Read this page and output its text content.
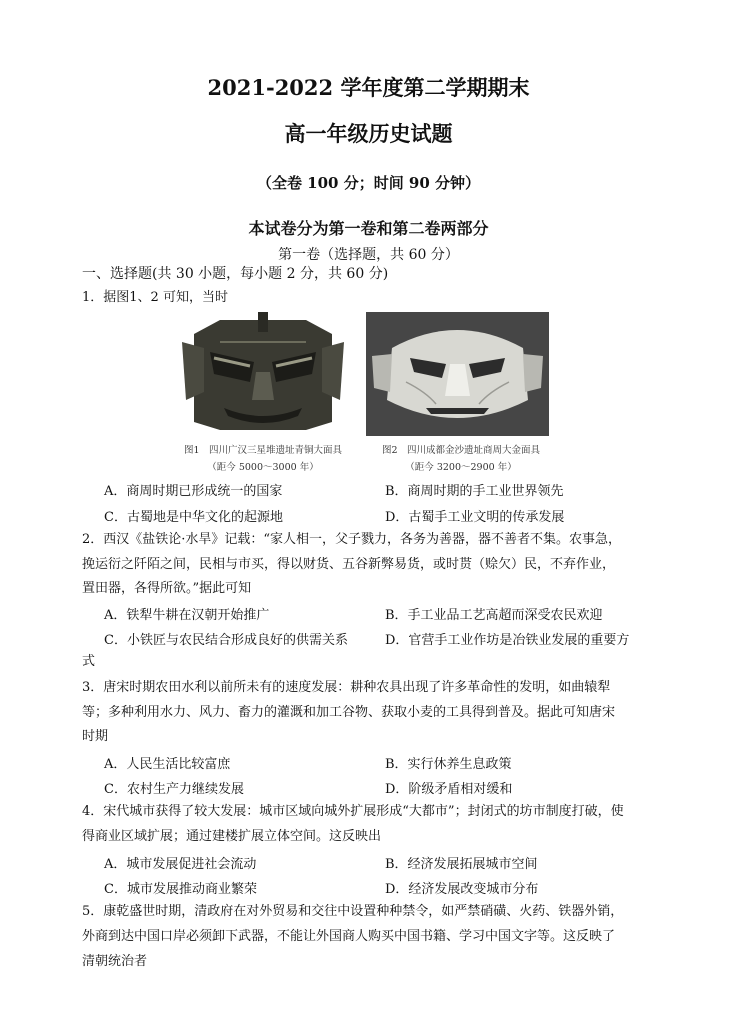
2021-2022 学年度第二学期期末
高一年级历史试题
（全卷 100 分；时间 90 分钟）
本试卷分为第一卷和第二卷两部分
第一卷（选择题，共 60 分）
一、选择题(共 30 小题，每小题 2 分，共 60 分)
1．据图1、2 可知，当时
图1　四川广汉三星堆遗址青铜大面具
（距今 5000～3000 年）
图2　四川成都金沙遗址商周大金面具
（距今 3200～2900 年）
A．商周时期已形成统一的国家	B．商周时期的手工业世界领先
C．古蜀地是中华文化的起源地	D．古蜀手工业文明的传承发展
2．西汉《盐铁论·水旱》记载：“家人相一，父子戮力，各务为善器，器不善者不集。农事急，
挽运衍之阡陌之间，民相与市买，得以财货、五谷新弊易货，或时贳（赊欠）民，不弃作业，
置田器，各得所欲。”据此可知
A．铁犁牛耕在汉朝开始推广	B．手工业品工艺高超而深受农民欢迎
C．小铁匠与农民结合形成良好的供需关系	D．官营手工业作坊是冶铁业发展的重要方
式
3．唐宋时期农田水利以前所未有的速度发展：耕种农具出现了许多革命性的发明，如曲辕犁
等；多种利用水力、风力、畜力的灌溉和加工谷物、获取小麦的工具得到普及。据此可知唐宋
时期
A．人民生活比较富庶	B．实行休养生息政策
C．农村生产力继续发展	D．阶级矛盾相对缓和
4．宋代城市获得了较大发展：城市区域向城外扩展形成“大都市”；封闭式的坊市制度打破，使
得商业区域扩展；通过建楼扩展立体空间。这反映出
A．城市发展促进社会流动	B．经济发展拓展城市空间
C．城市发展推动商业繁荣	D．经济发展改变城市分布
5．康乾盛世时期，清政府在对外贸易和交往中设置种种禁令，如严禁硝磺、火药、铁器外销，
外商到达中国口岸必须卸下武器，不能让外国商人购买中国书籍、学习中国文字等。这反映了
清朝统治者
